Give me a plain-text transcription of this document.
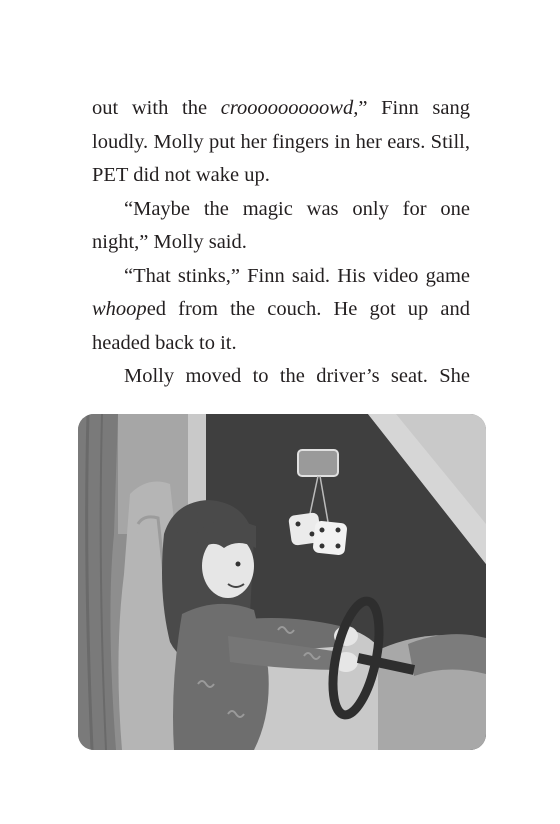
out with the crooooooooowd,” Finn sang loudly. Molly put her fingers in her ears. Still, PET did not wake up.

“Maybe the magic was only for one night,” Molly said.

“That stinks,” Finn said. His video game whooped from the couch. He got up and headed back to it.

Molly moved to the driver’s seat. She
